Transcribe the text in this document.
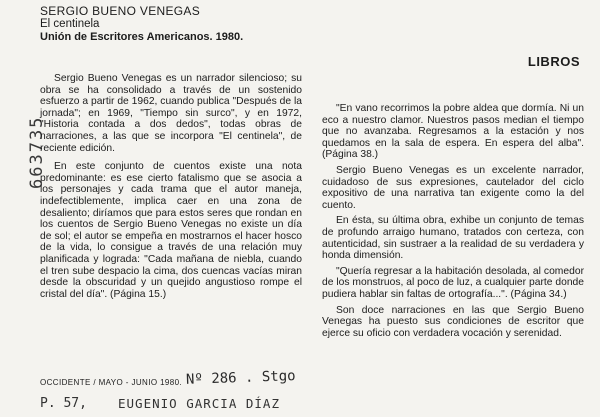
SERGIO BUENO VENEGAS
El centinela
Unión de Escritores Americanos. 1980.
LIBROS
663735

Sergio Bueno Venegas es un narrador silencioso; su obra se ha consolidado a través de un sostenido esfuerzo a partir de 1962, cuando publica "Después de la jornada"; en 1969, "Tiempo sin surco", y en 1972, "Historia contada a dos dedos", todas obras de narraciones, a las que se incorpora "El centinela", de reciente edición.

En este conjunto de cuentos existe una nota predominante: es ese cierto fatalismo que se asocia a los personajes y cada trama que el autor maneja, indefectiblemente, implica caer en una zona de desaliento; diríamos que para estos seres que rondan en los cuentos de Sergio Bueno Venegas no existe un día de sol; el autor se empeña en mostrarnos el hacer hosco de la vida, lo consigue a través de una relación muy planificada y lograda: "Cada mañana de niebla, cuando el tren sube despacio la cima, dos cuencas vacías miran desde la obscuridad y un quejido angustioso rompe el cristal del día". (Página 15.)

"En vano recorrimos la pobre aldea que dormía. Ni un eco a nuestro clamor. Nuestros pasos median el tiempo que no avanzaba. Regresamos a la estación y nos quedamos en la sala de espera. En espera del alba". (Página 38.)

Sergio Bueno Venegas es un excelente narrador, cuidadoso de sus expresiones, cautelador del ciclo expositivo de una narrativa tan exigente como la del cuento.

En ésta, su última obra, exhibe un conjunto de temas de profundo arraigo humano, tratados con certeza, con autenticidad, sin sustraer a la realidad de su verdadera y honda dimensión.

"Quería regresar a la habitación desolada, al comedor de los monstruos, al poco de luz, a cualquier parte donde pudiera hablar sin faltas de ortografía...". (Página 34.)

Son doce narraciones en las que Sergio Bueno Venegas ha puesto sus condiciones de escritor que ejerce su oficio con verdadera vocación y serenidad.

OCCIDENTE / MAYO - JUNIO 1980. Nº 286 . Stgo
P. 57, EUGENIO GARCIA DÍAZ
